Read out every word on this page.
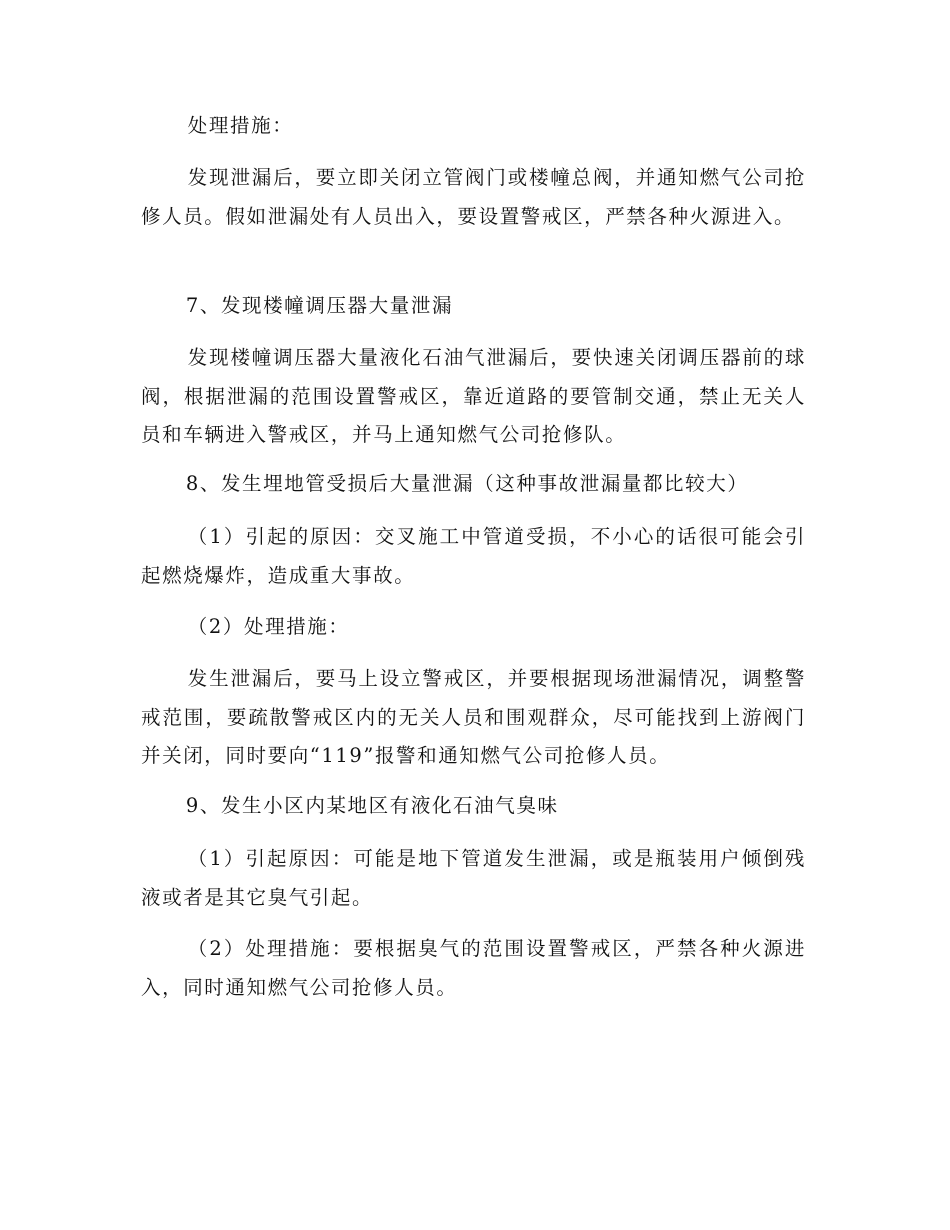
处理措施：

发现泄漏后，要立即关闭立管阀门或楼幢总阀，并通知燃气公司抢修人员。假如泄漏处有人员出入，要设置警戒区，严禁各种火源进入。

7、发现楼幢调压器大量泄漏

发现楼幢调压器大量液化石油气泄漏后，要快速关闭调压器前的球阀，根据泄漏的范围设置警戒区，靠近道路的要管制交通，禁止无关人员和车辆进入警戒区，并马上通知燃气公司抢修队。

8、发生埋地管受损后大量泄漏（这种事故泄漏量都比较大）

（1）引起的原因：交叉施工中管道受损，不小心的话很可能会引起燃烧爆炸，造成重大事故。

（2）处理措施：

发生泄漏后，要马上设立警戒区，并要根据现场泄漏情况，调整警戒范围，要疏散警戒区内的无关人员和围观群众，尽可能找到上游阀门并关闭，同时要向“119”报警和通知燃气公司抢修人员。

9、发生小区内某地区有液化石油气臭味

（1）引起原因：可能是地下管道发生泄漏，或是瓶装用户倾倒残液或者是其它臭气引起。

（2）处理措施：要根据臭气的范围设置警戒区，严禁各种火源进入，同时通知燃气公司抢修人员。
